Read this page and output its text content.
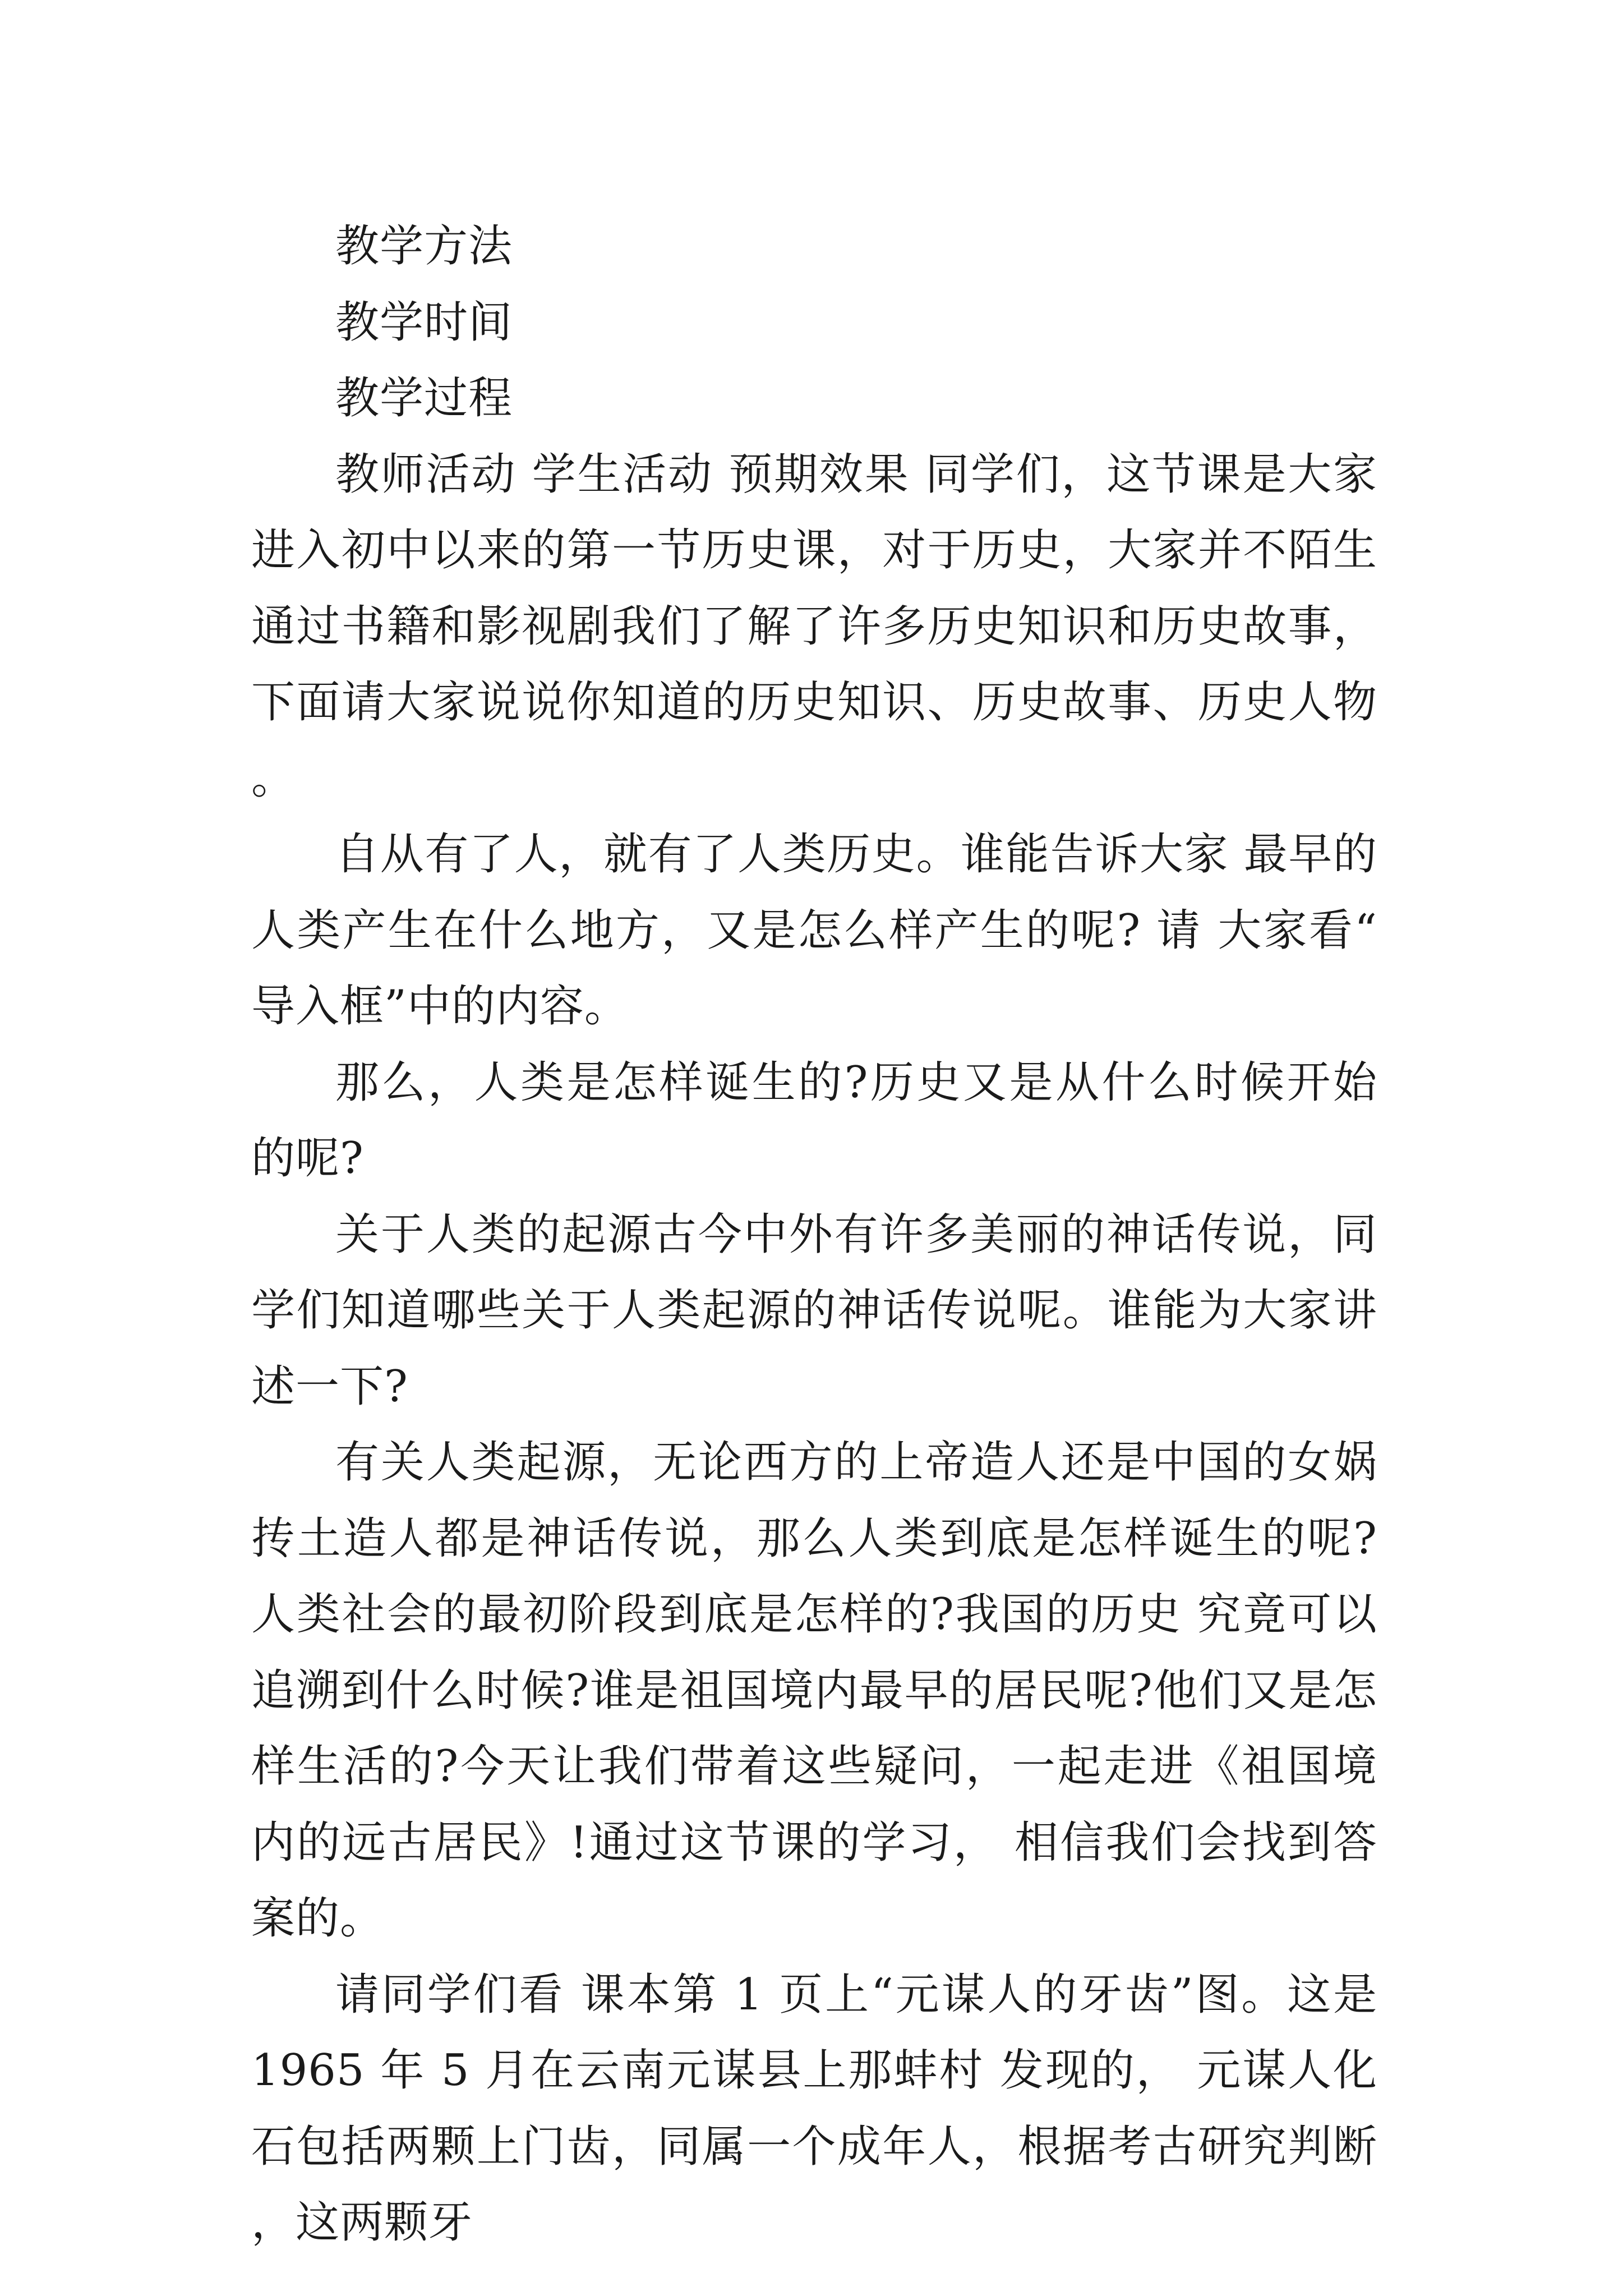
教学方法

教学时间

教学过程

教师活动 学生活动 预期效果 同学们，这节课是大家进入初中以来的第一节历史课，对于历史，大家并不陌生通过书籍和影视剧我们了解了许多历史知识和历史故事，下面请大家说说你知道的历史知识、历史故事、历史人物。

自从有了人，就有了人类历史。谁能告诉大家 最早的人类产生在什么地方，又是怎么样产生的呢? 请 大家看“导入框”中的内容。

那么，人类是怎样诞生的?历史又是从什么时候开始的呢?

关于人类的起源古今中外有许多美丽的神话传说，同学们知道哪些关于人类起源的神话传说呢。谁能为大家讲述一下?

有关人类起源，无论西方的上帝造人还是中国的女娲抟土造人都是神话传说，那么人类到底是怎样诞生的呢?人类社会的最初阶段到底是怎样的?我国的历史 究竟可以追溯到什么时候?谁是祖国境内最早的居民呢?他们又是怎样生活的?今天让我们带着这些疑问，一起走进《祖国境内的远古居民》!通过这节课的学习， 相信我们会找到答案的。

请同学们看 课本第 1 页上“元谋人的牙齿”图。这是 1965 年 5 月在云南元谋县上那蚌村 发现的， 元谋人化石包括两颗上门齿，同属一个成年人，根据考古研究判断，这两颗牙
